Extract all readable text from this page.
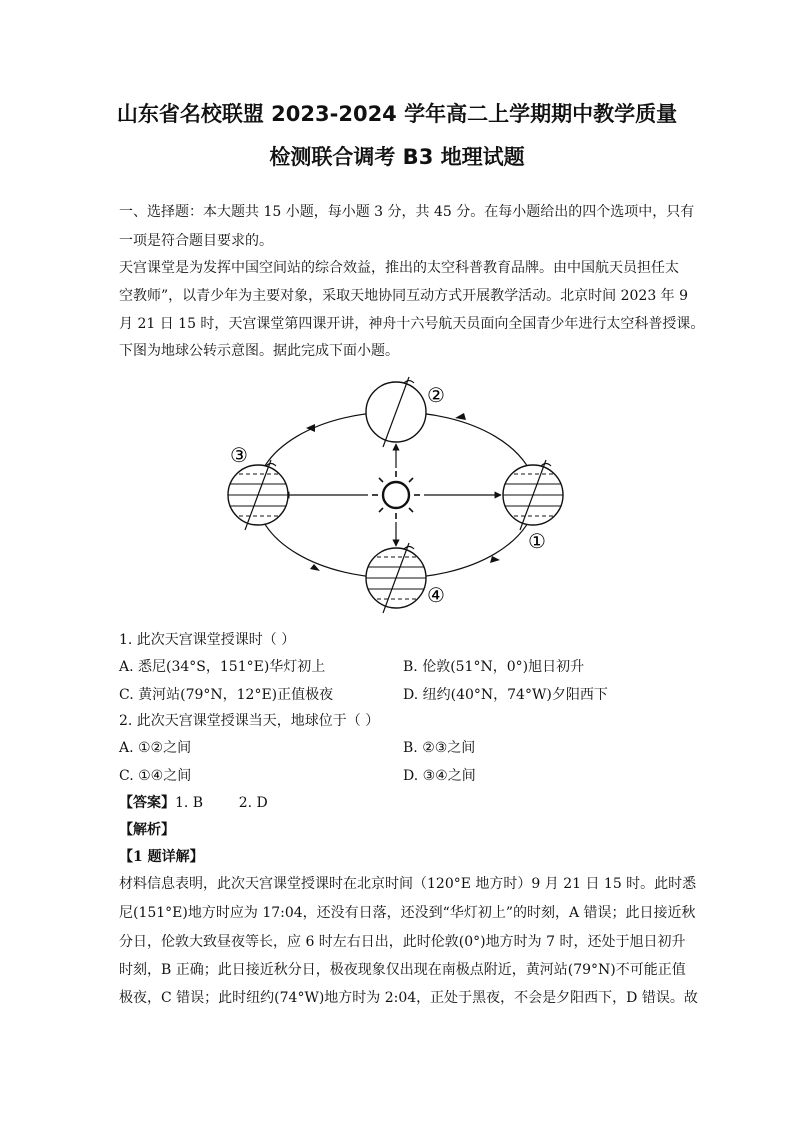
山东省名校联盟 2023-2024 学年高二上学期期中教学质量
检测联合调考 B3 地理试题
一、选择题：本大题共 15 小题，每小题 3 分，共 45 分。在每小题给出的四个选项中，只有
一项是符合题目要求的。
天宫课堂是为发挥中国空间站的综合效益，推出的太空科普教育品牌。由中国航天员担任太
空教师”，以青少年为主要对象，采取天地协同互动方式开展教学活动。北京时间 2023 年 9
月 21 日 15 时，天宫课堂第四课开讲，神舟十六号航天员面向全国青少年进行太空科普授课。
下图为地球公转示意图。据此完成下面小题。
①
②
③
④
1. 此次天宫课堂授课时（ ）
A. 悉尼(34°S，151°E)华灯初上	B. 伦敦(51°N，0°)旭日初升
C. 黄河站(79°N，12°E)正值极夜	D. 纽约(40°N，74°W)夕阳西下
2. 此次天宫课堂授课当天，地球位于（ ）
A. ①②之间	B. ②③之间
C. ①④之间	D. ③④之间
【答案】1. B        2. D
【解析】
【1 题详解】
材料信息表明，此次天宫课堂授课时在北京时间（120°E 地方时）9 月 21 日 15 时。此时悉
尼(151°E)地方时应为 17:04，还没有日落，还没到“华灯初上”的时刻，A 错误；此日接近秋
分日，伦敦大致昼夜等长，应 6 时左右日出，此时伦敦(0°)地方时为 7 时，还处于旭日初升
时刻，B 正确；此日接近秋分日，极夜现象仅出现在南极点附近，黄河站(79°N)不可能正值
极夜，C 错误；此时纽约(74°W)地方时为 2:04，正处于黑夜，不会是夕阳西下，D 错误。故
